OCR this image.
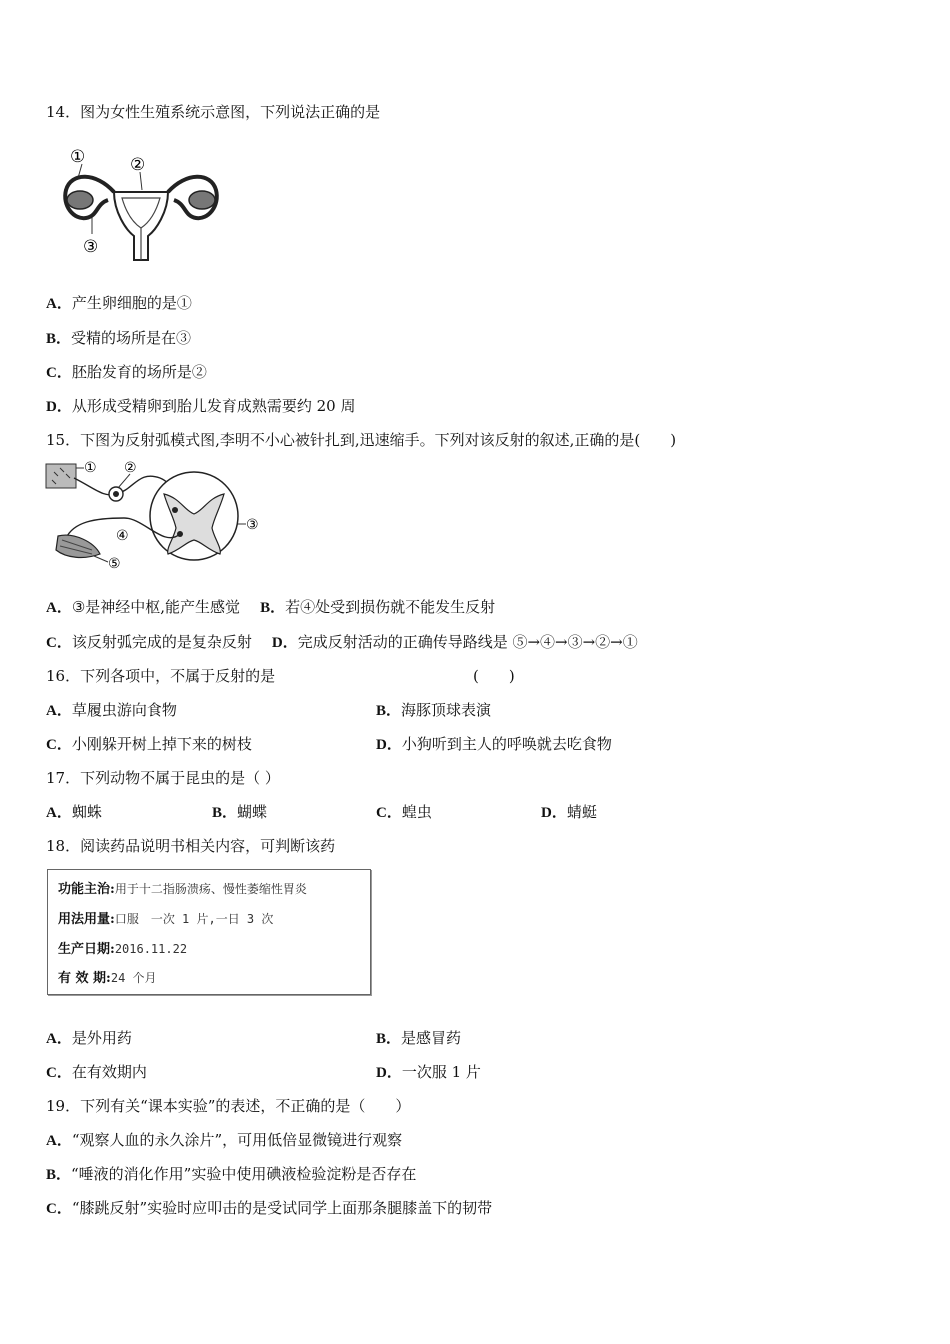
14．图为女性生殖系统示意图，下列说法正确的是
①	②
③
A．产生卵细胞的是①
B．受精的场所是在③
C．胚胎发育的场所是②
D．从形成受精卵到胎儿发育成熟需要约 20 周
15．下图为反射弧模式图,李明不小心被针扎到,迅速缩手。下列对该反射的叙述,正确的是(　　)
① ②
③
④
⑤
A．③是神经中枢,能产生感觉 B．若④处受到损伤就不能发生反射
C．该反射弧完成的是复杂反射 D．完成反射活动的正确传导路线是 ⑤→④→③→②→①
16．下列各项中，不属于反射的是	(　　)
A．草履虫游向食物	B．海豚顶球表演
C．小刚躲开树上掉下来的树枝	D．小狗听到主人的呼唤就去吃食物
17．下列动物不属于昆虫的是（ ）
A．蜘蛛	B．蝴蝶	C．蝗虫	D．蜻蜓
18．阅读药品说明书相关内容，可判断该药
功能主治:用于十二指肠溃疡、慢性萎缩性胃炎
用法用量:口服　一次 1 片,一日 3 次
生产日期:2016.11.22
有 效 期:24 个月
A．是外用药	B．是感冒药
C．在有效期内	D．一次服 1 片
19．下列有关“课本实验”的表述，不正确的是（　　）
A．“观察人血的永久涂片”，可用低倍显微镜进行观察
B．“唾液的消化作用”实验中使用碘液检验淀粉是否存在
C．“膝跳反射”实验时应叩击的是受试同学上面那条腿膝盖下的韧带
